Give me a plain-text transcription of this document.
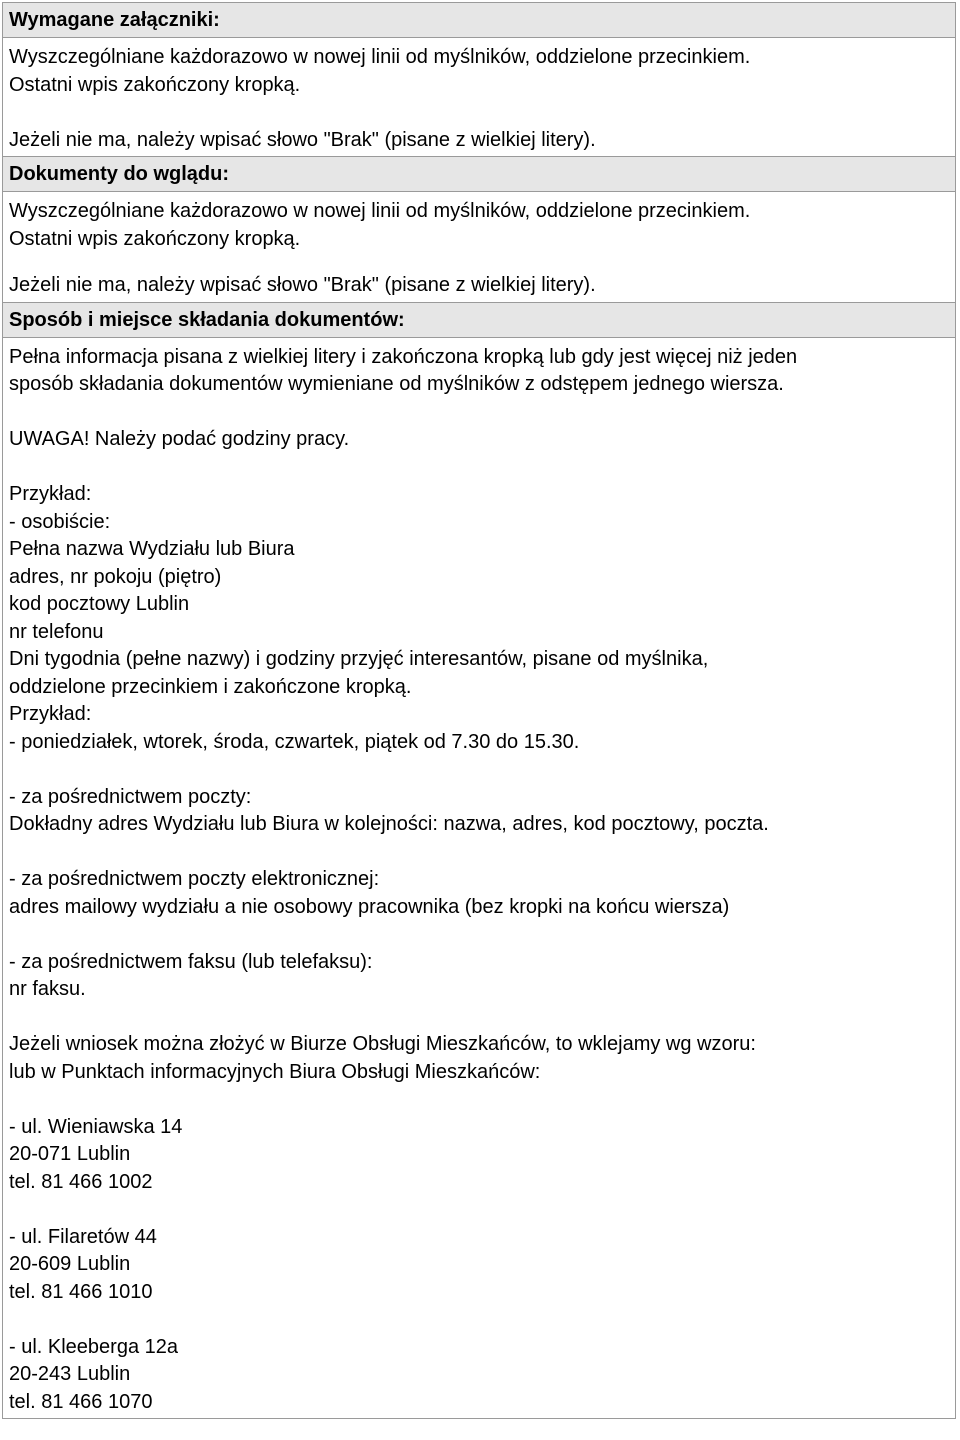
Wymagane załączniki:
Wyszczególniane każdorazowo w nowej linii od myślników, oddzielone przecinkiem.
Ostatni wpis zakończony kropką.
Jeżeli nie ma, należy wpisać słowo "Brak" (pisane z wielkiej litery).
Dokumenty do wglądu:
Wyszczególniane każdorazowo w nowej linii od myślników, oddzielone przecinkiem.
Ostatni wpis zakończony kropką.
Jeżeli nie ma, należy wpisać słowo "Brak" (pisane z wielkiej litery).
Sposób i miejsce składania dokumentów:
Pełna informacja pisana z wielkiej litery i zakończona kropką lub gdy jest więcej niż jeden
sposób składania dokumentów wymieniane od myślników z odstępem jednego wiersza.
UWAGA! Należy podać godziny pracy.
Przykład:
- osobiście:
Pełna nazwa Wydziału lub Biura
adres, nr pokoju (piętro)
kod pocztowy Lublin
nr telefonu
Dni tygodnia (pełne nazwy) i godziny przyjęć interesantów, pisane od myślnika,
oddzielone przecinkiem i zakończone kropką.
Przykład:
- poniedziałek, wtorek, środa, czwartek, piątek od 7.30 do 15.30.
- za pośrednictwem poczty:
Dokładny adres Wydziału lub Biura w kolejności: nazwa, adres, kod pocztowy, poczta.
- za pośrednictwem poczty elektronicznej:
adres mailowy wydziału a nie osobowy pracownika (bez kropki na końcu wiersza)
- za pośrednictwem faksu (lub telefaksu):
nr faksu.
Jeżeli wniosek można złożyć w Biurze Obsługi Mieszkańców, to wklejamy wg wzoru:
lub w Punktach informacyjnych Biura Obsługi Mieszkańców:
- ul. Wieniawska 14
20-071 Lublin
tel. 81 466 1002
- ul. Filaretów 44
20-609 Lublin
tel. 81 466 1010
- ul. Kleeberga 12a
20-243 Lublin
tel. 81 466 1070
